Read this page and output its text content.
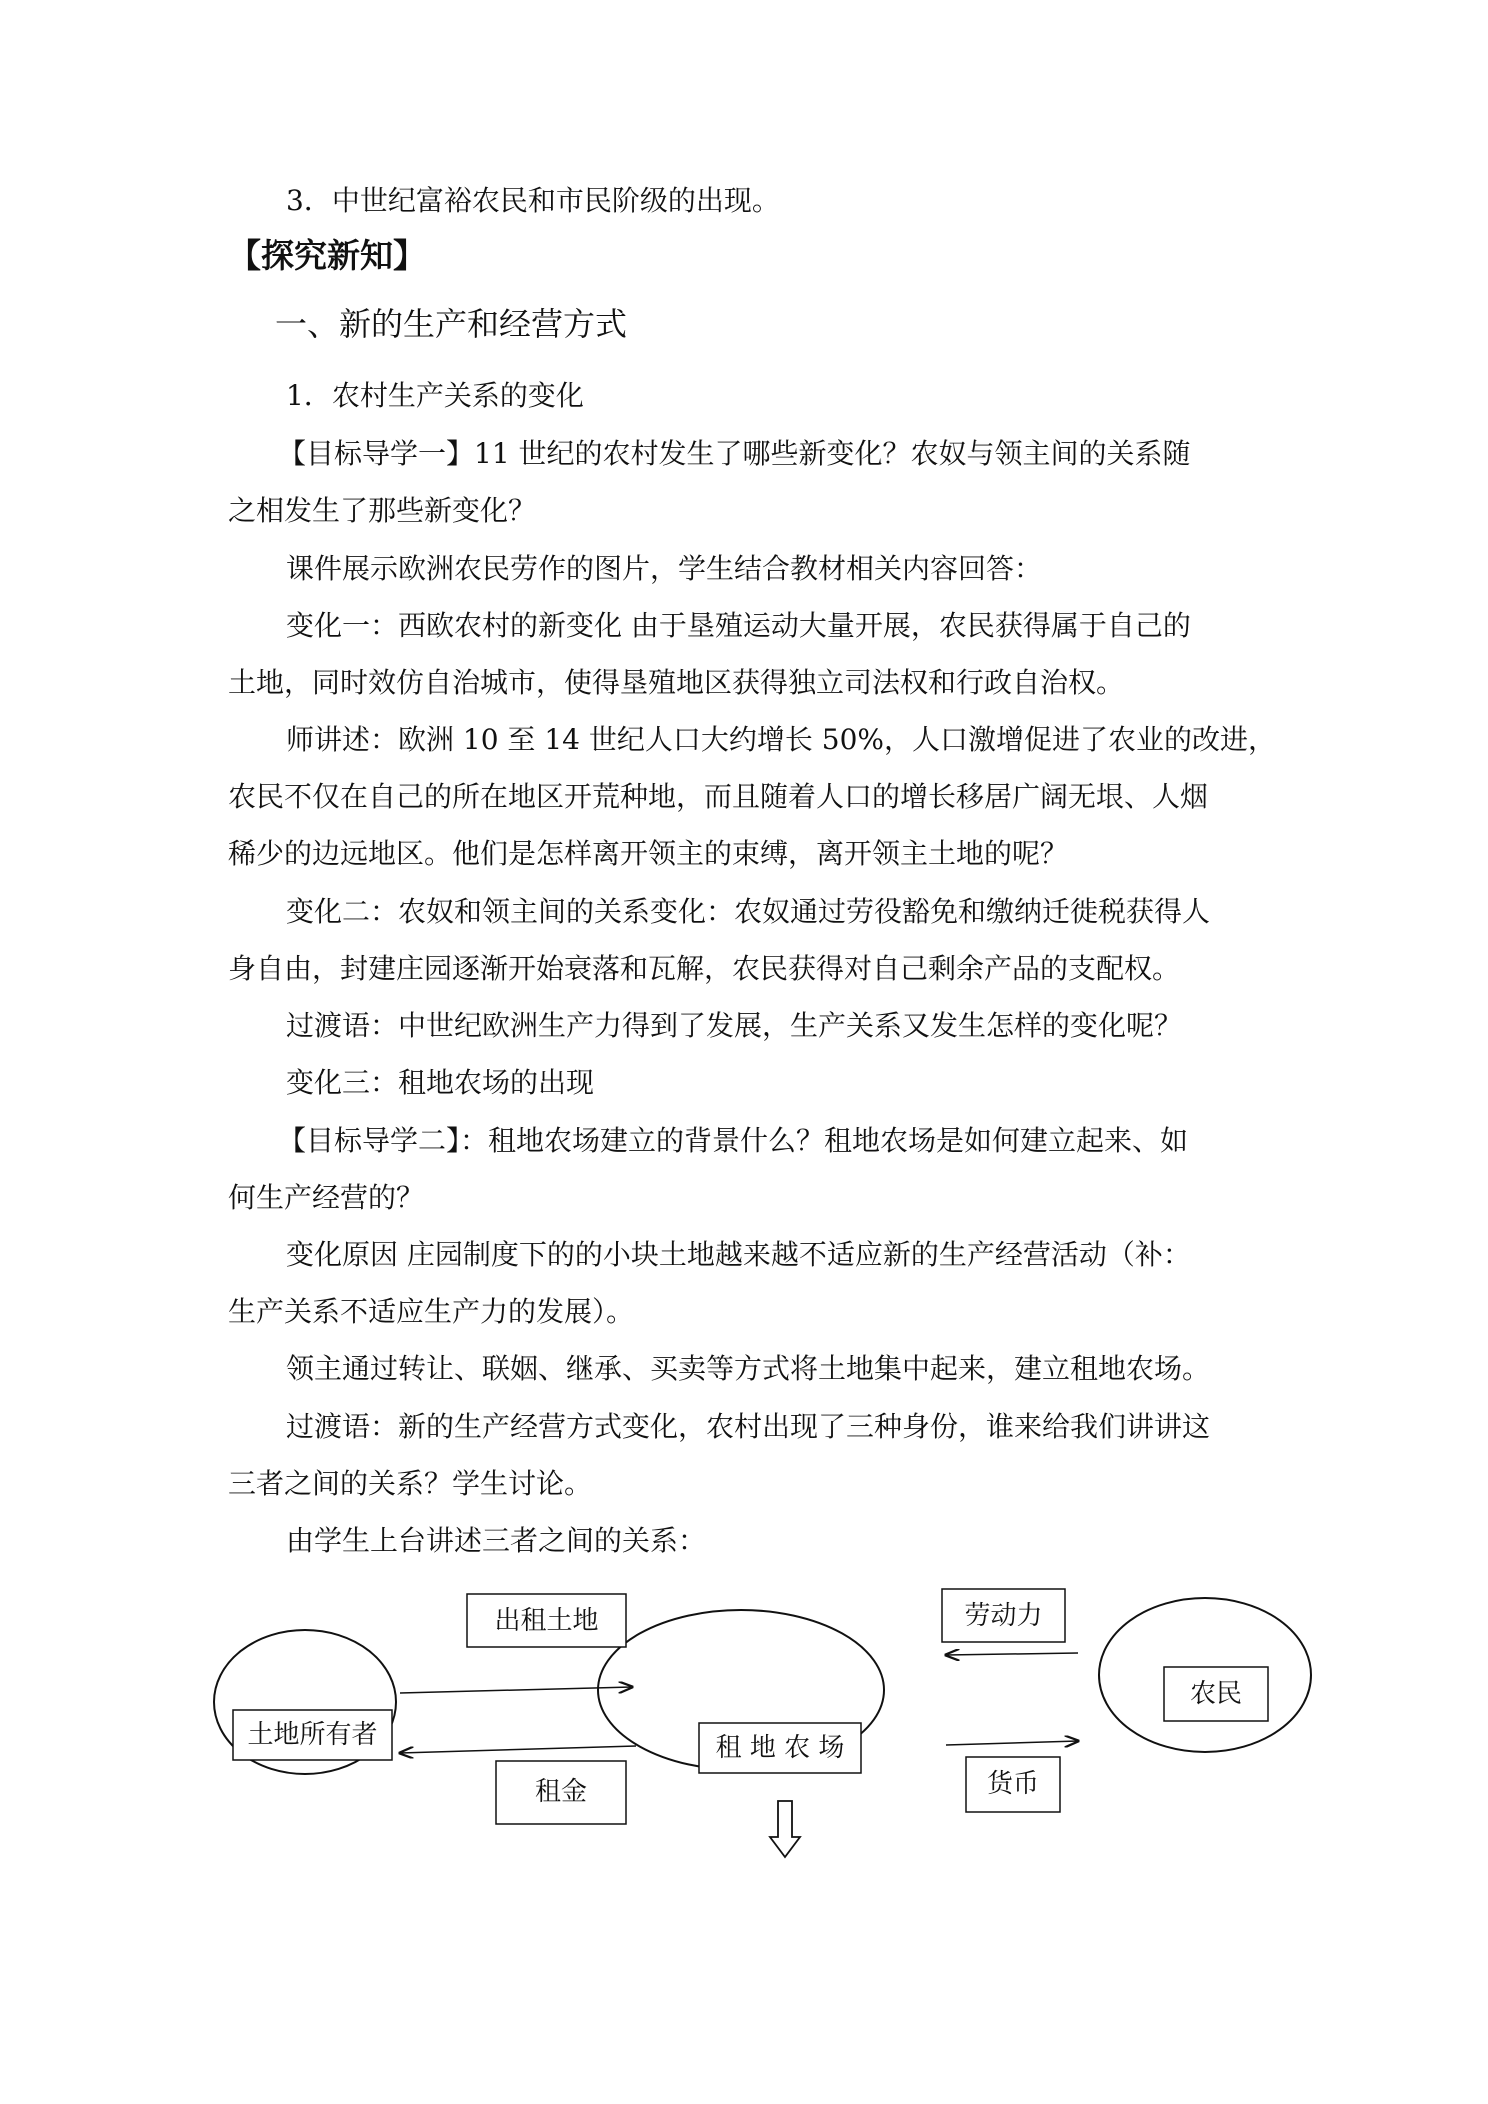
3．中世纪富裕农民和市民阶级的出现。
【探究新知】
一、新的生产和经营方式
1．农村生产关系的变化
【目标导学一】11 世纪的农村发生了哪些新变化？农奴与领主间的关系随
之相发生了那些新变化？
课件展示欧洲农民劳作的图片，学生结合教材相关内容回答：
变化一：西欧农村的新变化 由于垦殖运动大量开展，农民获得属于自己的
土地，同时效仿自治城市，使得垦殖地区获得独立司法权和行政自治权。
师讲述：欧洲 10 至 14 世纪人口大约增长 50%，人口激增促进了农业的改进，
农民不仅在自己的所在地区开荒种地，而且随着人口的增长移居广阔无垠、人烟
稀少的边远地区。他们是怎样离开领主的束缚，离开领主土地的呢？
变化二：农奴和领主间的关系变化：农奴通过劳役豁免和缴纳迁徙税获得人
身自由，封建庄园逐渐开始衰落和瓦解，农民获得对自己剩余产品的支配权。
过渡语：中世纪欧洲生产力得到了发展，生产关系又发生怎样的变化呢？
变化三：租地农场的出现
【目标导学二】：租地农场建立的背景什么？租地农场是如何建立起来、如
何生产经营的？
变化原因 庄园制度下的的小块土地越来越不适应新的生产经营活动（补：
生产关系不适应生产力的发展）。
领主通过转让、联姻、继承、买卖等方式将土地集中起来，建立租地农场。
过渡语：新的生产经营方式变化，农村出现了三种身份，谁来给我们讲讲这
三者之间的关系？学生讨论。
由学生上台讲述三者之间的关系：
土地所有者	租 地 农 场
农民
出租土地
租金
劳动力
货币
